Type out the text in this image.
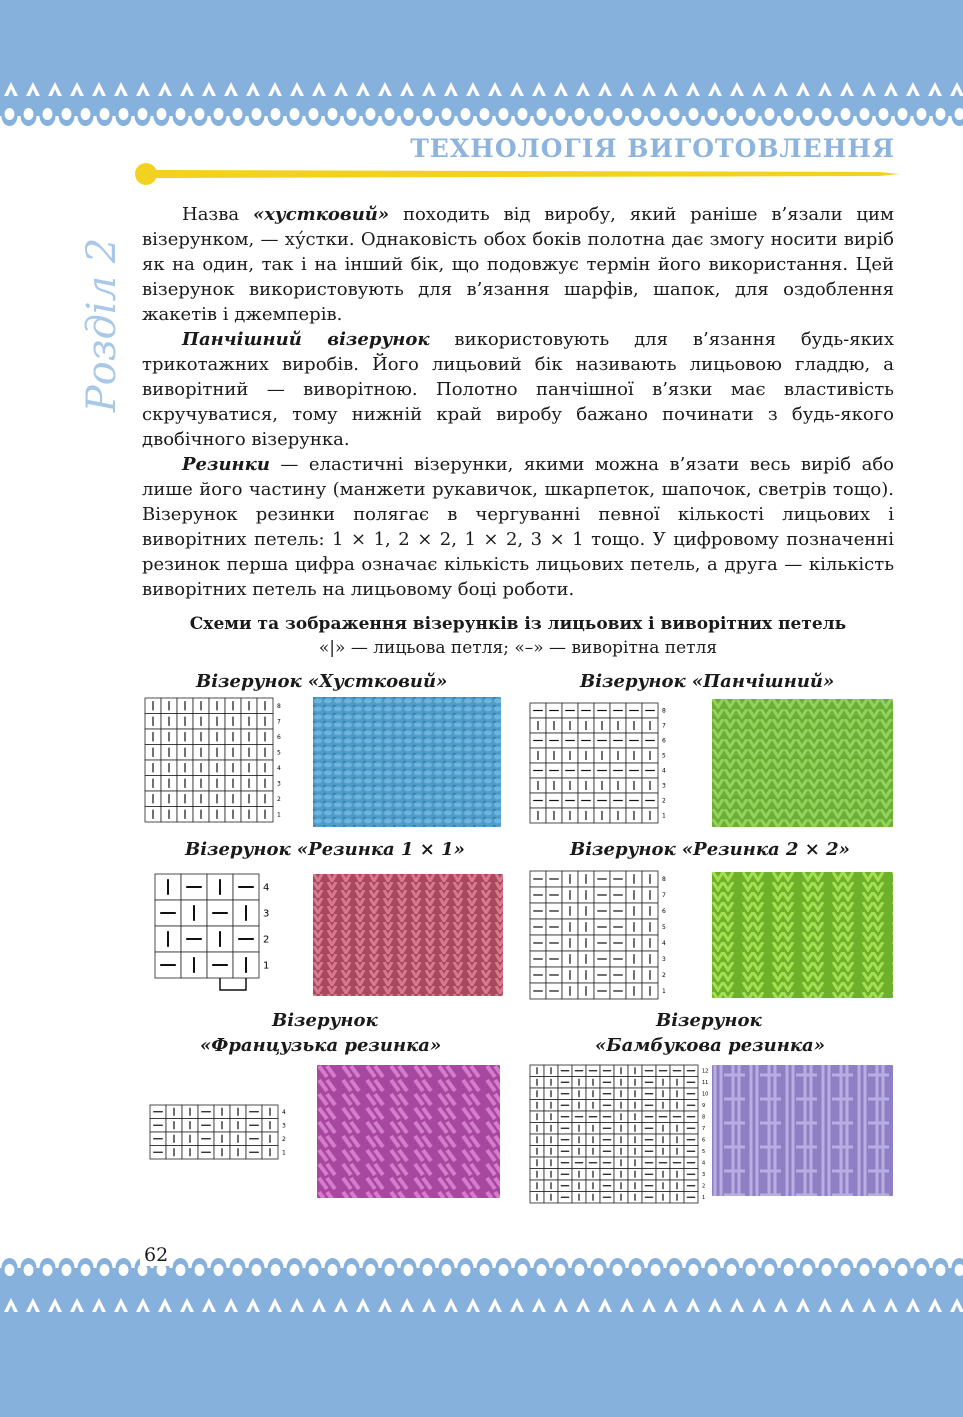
ТЕХНОЛОГІЯ ВИГОТОВЛЕННЯ
Розділ 2

Назва «хустковий» походить від виробу, який раніше в’язали цим візерунком, — ху́стки. Однаковість обох боків полотна дає змогу носити виріб як на один, так і на інший бік, що подовжує термін його використання. Цей візерунок використовують для в’язання шарфів, шапок, для оздоблення жакетів і джемперів.

Панчішний візерунок використовують для в’язання будь-яких трикотажних виробів. Його лицьовий бік називають лицьовою гладдю, а виворітний — виворітною. Полотно панчішної в’язки має властивість скручуватися, тому нижній край виробу бажано починати з будь-якого двобічного візерунка.

Резинки — еластичні візерунки, якими можна в’язати весь виріб або лише його частину (манжети рукавичок, шкарпеток, шапочок, светрів тощо). Візерунок резинки полягає в чергуванні певної кількості лицьових і виворітних петель: 1 × 1, 2 × 2, 1 × 2, 3 × 1 тощо. У цифровому позначенні резинок перша цифра означає кількість лицьових петель, а друга — кількість виворітних петель на лицьовому боці роботи.

Схеми та зображення візерунків із лицьових і виворітних петель
«|» — лицьова петля; «–» — виворітна петля
Візерунок «Хустковий»	Візерунок «Панчішний»
Візерунок «Резинка 1 × 1»	Візерунок «Резинка 2 × 2»
Візерунок
«Французька резинка»
Візерунок
«Бамбукова резинка»
8
7
6
5
4
3
2
1
8
7
6
5
4
3
2
1
4
3
2
1
8
7
6
5
4
3
2
1
4
3
2
1
12
11
10
9
8
7
6
5
4
3
2
1
62
